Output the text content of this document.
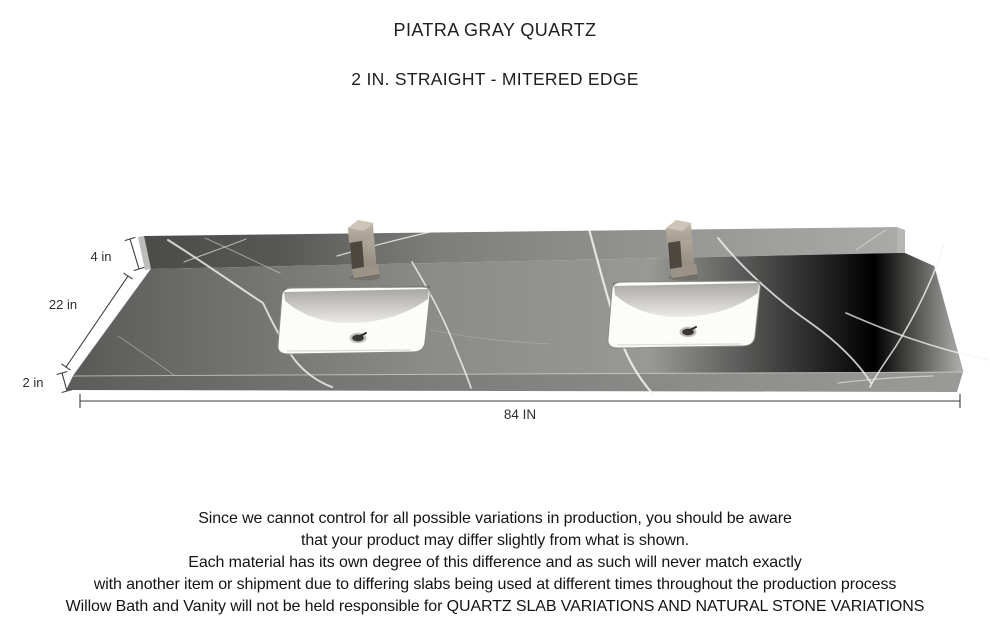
PIATRA GRAY QUARTZ
2 IN. STRAIGHT - MITERED EDGE
4 in
22 in
2 in
84 IN
Since we cannot control for all possible variations in production, you should be aware
that your product may differ slightly from what is shown.
Each material has its own degree of this difference and as such will never match exactly
with another item or shipment due to differing slabs being used at different times throughout the production process
Willow Bath and Vanity will not be held responsible for QUARTZ SLAB VARIATIONS AND NATURAL STONE VARIATIONS
